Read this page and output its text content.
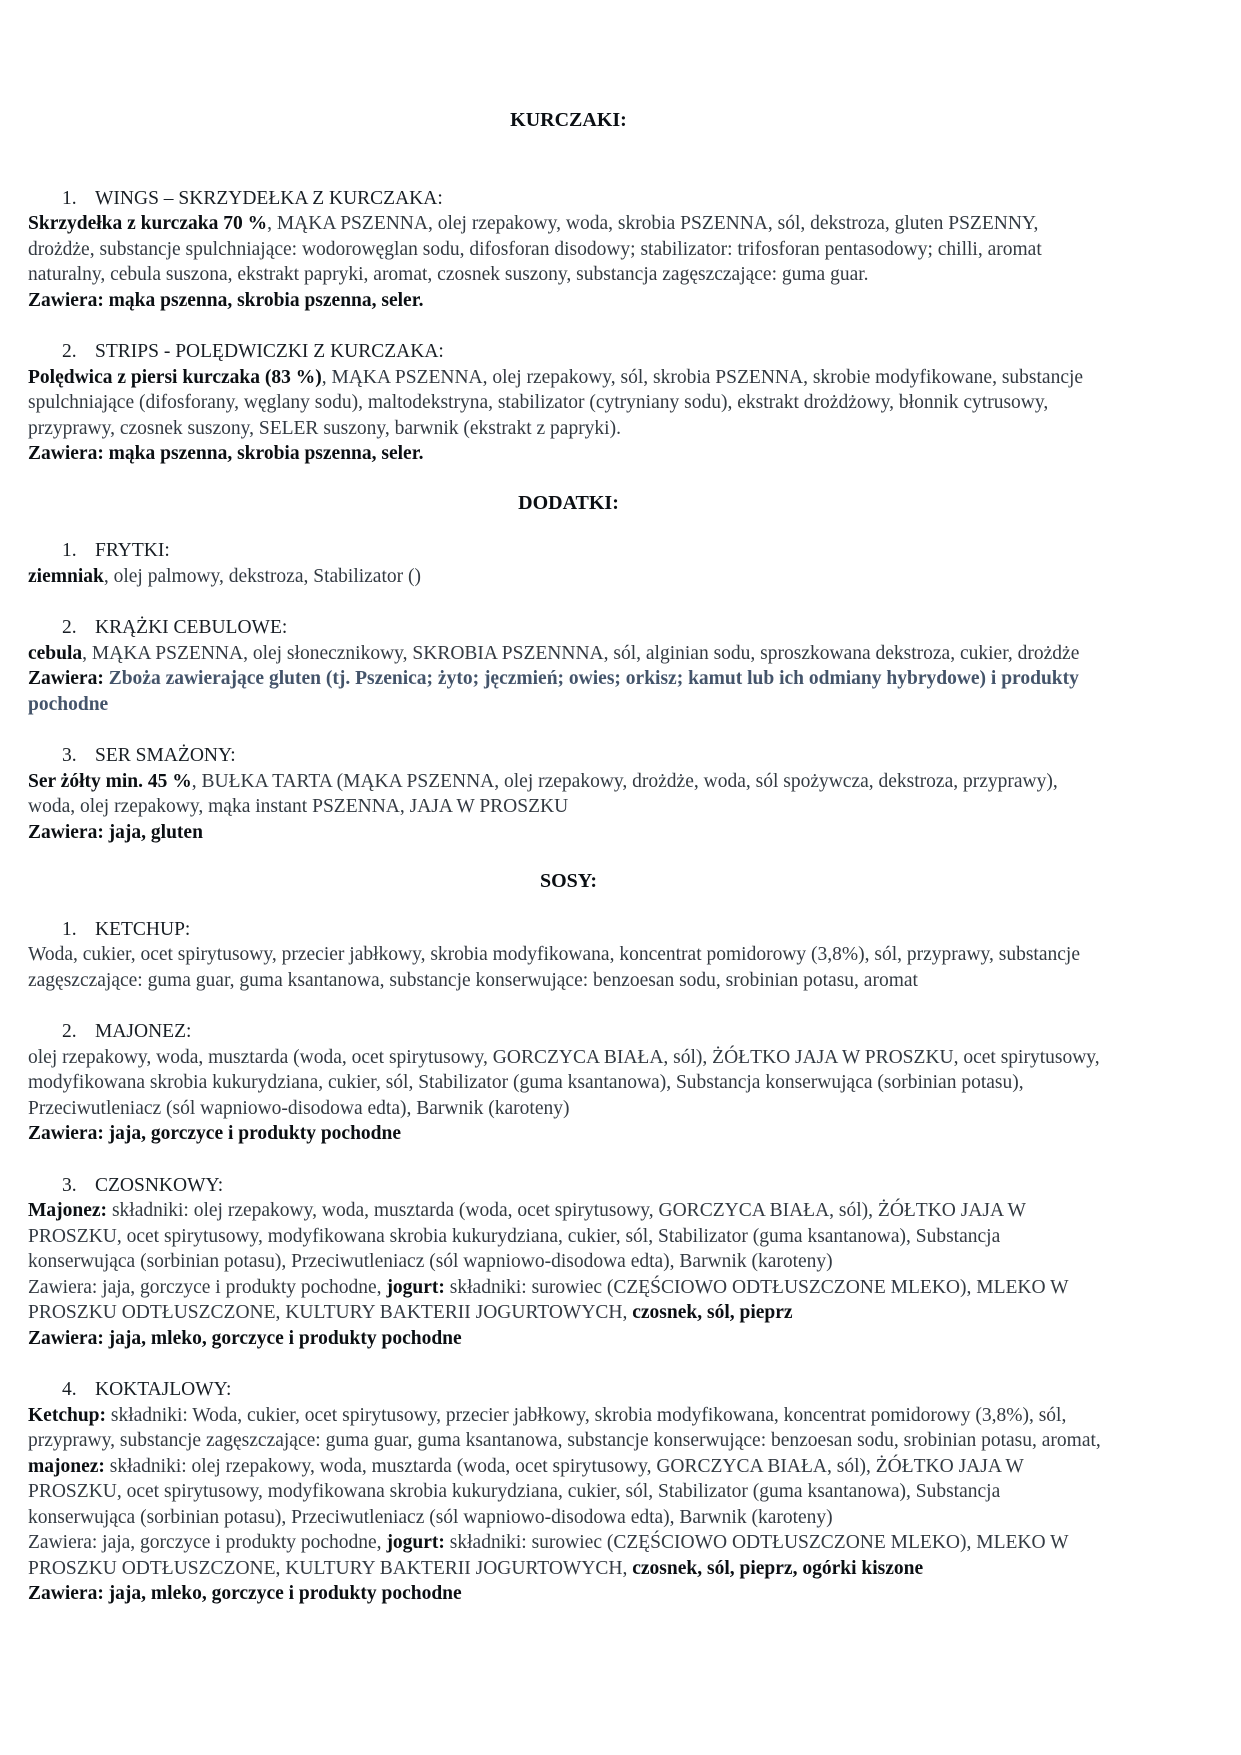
KURCZAKI:
1. WINGS – SKRZYDEŁKA Z KURCZAKA:
Skrzydełka z kurczaka 70 %, MĄKA PSZENNA, olej rzepakowy, woda, skrobia PSZENNA, sól, dekstroza, gluten PSZENNY, drożdże, substancje spulchniające: wodorowęglan sodu, difosforan disodowy; stabilizator: trifosforan pentasodowy; chilli, aromat naturalny, cebula suszona, ekstrakt papryki, aromat, czosnek suszony, substancja zagęszczające: guma guar.
Zawiera: mąka pszenna, skrobia pszenna, seler.
2. STRIPS - POLĘDWICZKI Z KURCZAKA:
Polędwica z piersi kurczaka (83 %), MĄKA PSZENNA, olej rzepakowy, sól, skrobia PSZENNA, skrobie modyfikowane, substancje spulchniające (difosforany, węglany sodu), maltodekstryna, stabilizator (cytryniany sodu), ekstrakt drożdżowy, błonnik cytrusowy, przyprawy, czosnek suszony, SELER suszony, barwnik (ekstrakt z papryki).
Zawiera: mąka pszenna, skrobia pszenna, seler.
DODATKI:
1. FRYTKI:
ziemniak, olej palmowy, dekstroza, Stabilizator ()
2. KRĄŻKI CEBULOWE:
cebula, MĄKA PSZENNA, olej słonecznikowy, SKROBIA PSZENNNA, sól, alginian sodu, sproszkowana dekstroza, cukier, drożdże
Zawiera: Zboża zawierające gluten (tj. Pszenica; żyto; jęczmień; owies; orkisz; kamut lub ich odmiany hybrydowe) i produkty pochodne
3. SER SMAŻONY:
Ser żółty min. 45 %, BUŁKA TARTA (MĄKA PSZENNA, olej rzepakowy, drożdże, woda, sól spożywcza, dekstroza, przyprawy), woda, olej rzepakowy, mąka instant PSZENNA, JAJA W PROSZKU
Zawiera: jaja, gluten
SOSY:
1. KETCHUP:
Woda, cukier, ocet spirytusowy, przecier jabłkowy, skrobia modyfikowana, koncentrat pomidorowy (3,8%), sól, przyprawy, substancje zagęszczające: guma guar, guma ksantanowa, substancje konserwujące: benzoesan sodu, srobinian potasu, aromat
2. MAJONEZ:
olej rzepakowy, woda, musztarda (woda, ocet spirytusowy, GORCZYCA BIAŁA, sól), ŻÓŁTKO JAJA W PROSZKU, ocet spirytusowy, modyfikowana skrobia kukurydziana, cukier, sól, Stabilizator (guma ksantanowa), Substancja konserwująca (sorbinian potasu), Przeciwutleniacz (sól wapniowo-disodowa edta), Barwnik (karoteny)
Zawiera: jaja, gorczyce i produkty pochodne
3. CZOSNKOWY:
Majonez: składniki: olej rzepakowy, woda, musztarda (woda, ocet spirytusowy, GORCZYCA BIAŁA, sól), ŻÓŁTKO JAJA W PROSZKU, ocet spirytusowy, modyfikowana skrobia kukurydziana, cukier, sól, Stabilizator (guma ksantanowa), Substancja konserwująca (sorbinian potasu), Przeciwutleniacz (sól wapniowo-disodowa edta), Barwnik (karoteny)
Zawiera: jaja, gorczyce i produkty pochodne, jogurt: składniki: surowiec (CZĘŚCIOWO ODTŁUSZCZONE MLEKO), MLEKO W PROSZKU ODTŁUSZCZONE, KULTURY BAKTERII JOGURTOWYCH, czosnek, sól, pieprz
Zawiera: jaja, mleko, gorczyce i produkty pochodne
4. KOKTAJLOWY:
Ketchup: składniki: Woda, cukier, ocet spirytusowy, przecier jabłkowy, skrobia modyfikowana, koncentrat pomidorowy (3,8%), sól, przyprawy, substancje zagęszczające: guma guar, guma ksantanowa, substancje konserwujące: benzoesan sodu, srobinian potasu, aromat, majonez: składniki: olej rzepakowy, woda, musztarda (woda, ocet spirytusowy, GORCZYCA BIAŁA, sól), ŻÓŁTKO JAJA W PROSZKU, ocet spirytusowy, modyfikowana skrobia kukurydziana, cukier, sól, Stabilizator (guma ksantanowa), Substancja konserwująca (sorbinian potasu), Przeciwutleniacz (sól wapniowo-disodowa edta), Barwnik (karoteny)
Zawiera: jaja, gorczyce i produkty pochodne, jogurt: składniki: surowiec (CZĘŚCIOWO ODTŁUSZCZONE MLEKO), MLEKO W PROSZKU ODTŁUSZCZONE, KULTURY BAKTERII JOGURTOWYCH, czosnek, sól, pieprz, ogórki kiszone
Zawiera: jaja, mleko, gorczyce i produkty pochodne
